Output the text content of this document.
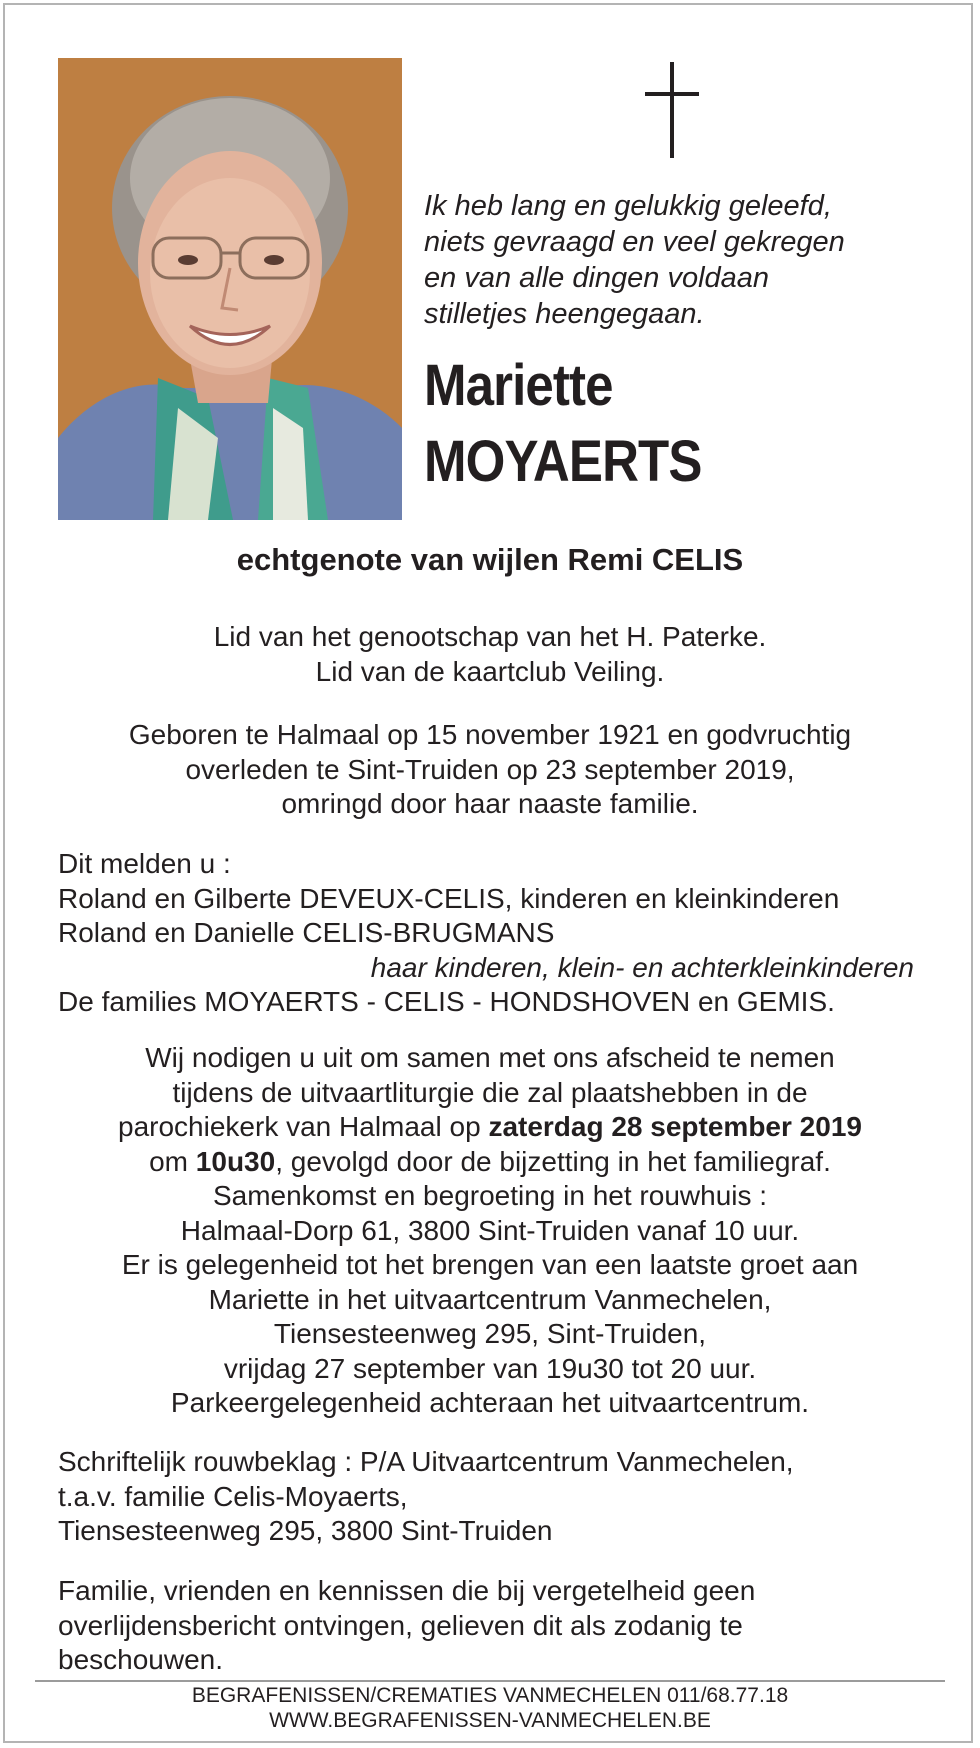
Ik heb lang en gelukkig geleefd,
niets gevraagd en veel gekregen
en van alle dingen voldaan
stilletjes heengegaan.
Mariette
MOYAERTS
echtgenote van wijlen Remi CELIS
Lid van het genootschap van het H. Paterke.
Lid van de kaartclub Veiling.
Geboren te Halmaal op 15 november 1921 en godvruchtig
overleden te Sint-Truiden op 23 september 2019,
omringd door haar naaste familie.
Dit melden u :
Roland en Gilberte DEVEUX-CELIS, kinderen en kleinkinderen
Roland en Danielle CELIS-BRUGMANS
haar kinderen, klein- en achterkleinkinderen
De families MOYAERTS - CELIS - HONDSHOVEN en GEMIS.
Wij nodigen u uit om samen met ons afscheid te nemen
tijdens de uitvaartliturgie die zal plaatshebben in de
parochiekerk van Halmaal op zaterdag 28 september 2019
om 10u30, gevolgd door de bijzetting in het familiegraf.
Samenkomst en begroeting in het rouwhuis :
Halmaal-Dorp 61, 3800 Sint-Truiden vanaf 10 uur.
Er is gelegenheid tot het brengen van een laatste groet aan
Mariette in het uitvaartcentrum Vanmechelen,
Tiensesteenweg 295, Sint-Truiden,
vrijdag 27 september van 19u30 tot 20 uur.
Parkeergelegenheid achteraan het uitvaartcentrum.
Schriftelijk rouwbeklag : P/A Uitvaartcentrum Vanmechelen,
t.a.v. familie Celis-Moyaerts,
Tiensesteenweg 295, 3800 Sint-Truiden
Familie, vrienden en kennissen die bij vergetelheid geen
overlijdensbericht ontvingen, gelieven dit als zodanig te
beschouwen.
BEGRAFENISSEN/CREMATIES VANMECHELEN 011/68.77.18
WWW.BEGRAFENISSEN-VANMECHELEN.BE
